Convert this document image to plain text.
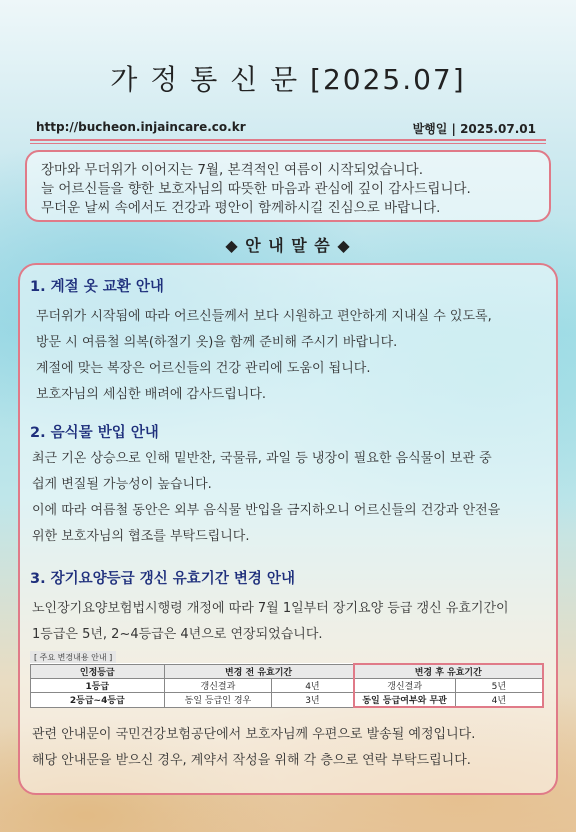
가 정 통 신 문 [2025.07]
http://bucheon.injaincare.co.kr	발행일 | 2025.07.01
장마와 무더위가 이어지는 7월, 본격적인 여름이 시작되었습니다.
늘 어르신들을 향한 보호자님의 따뜻한 마음과 관심에 깊이 감사드립니다.
무더운 날씨 속에서도 건강과 평안이 함께하시길 진심으로 바랍니다.
◆ 안 내 말 씀 ◆
1. 계절 옷 교환 안내
무더위가 시작됨에 따라 어르신들께서 보다 시원하고 편안하게 지내실 수 있도록,
방문 시 여름철 의복(하절기 옷)을 함께 준비해 주시기 바랍니다.
계절에 맞는 복장은 어르신들의 건강 관리에 도움이 됩니다.
보호자님의 세심한 배려에 감사드립니다.
2. 음식물 반입 안내
최근 기온 상승으로 인해 밑반찬, 국물류, 과일 등 냉장이 필요한 음식물이 보관 중
쉽게 변질될 가능성이 높습니다.
이에 따라 여름철 동안은 외부 음식물 반입을 금지하오니 어르신들의 건강과 안전을
위한 보호자님의 협조를 부탁드립니다.
3. 장기요양등급 갱신 유효기간 변경 안내
노인장기요양보험법시행령 개정에 따라 7월 1일부터 장기요양 등급 갱신 유효기간이
1등급은 5년, 2~4등급은 4년으로 연장되었습니다.
[ 주요 변경내용 안내 ]
인정등급	변경 전 유효기간		변경 후 유효기간	
1등급	갱신결과	4년	갱신결과	5년
2등급~4등급	동일 등급인 경우	3년	동일 등급여부와 무관	4년
관련 안내문이 국민건강보험공단에서 보호자님께 우편으로 발송될 예정입니다.
해당 안내문을 받으신 경우, 계약서 작성을 위해 각 층으로 연락 부탁드립니다.
